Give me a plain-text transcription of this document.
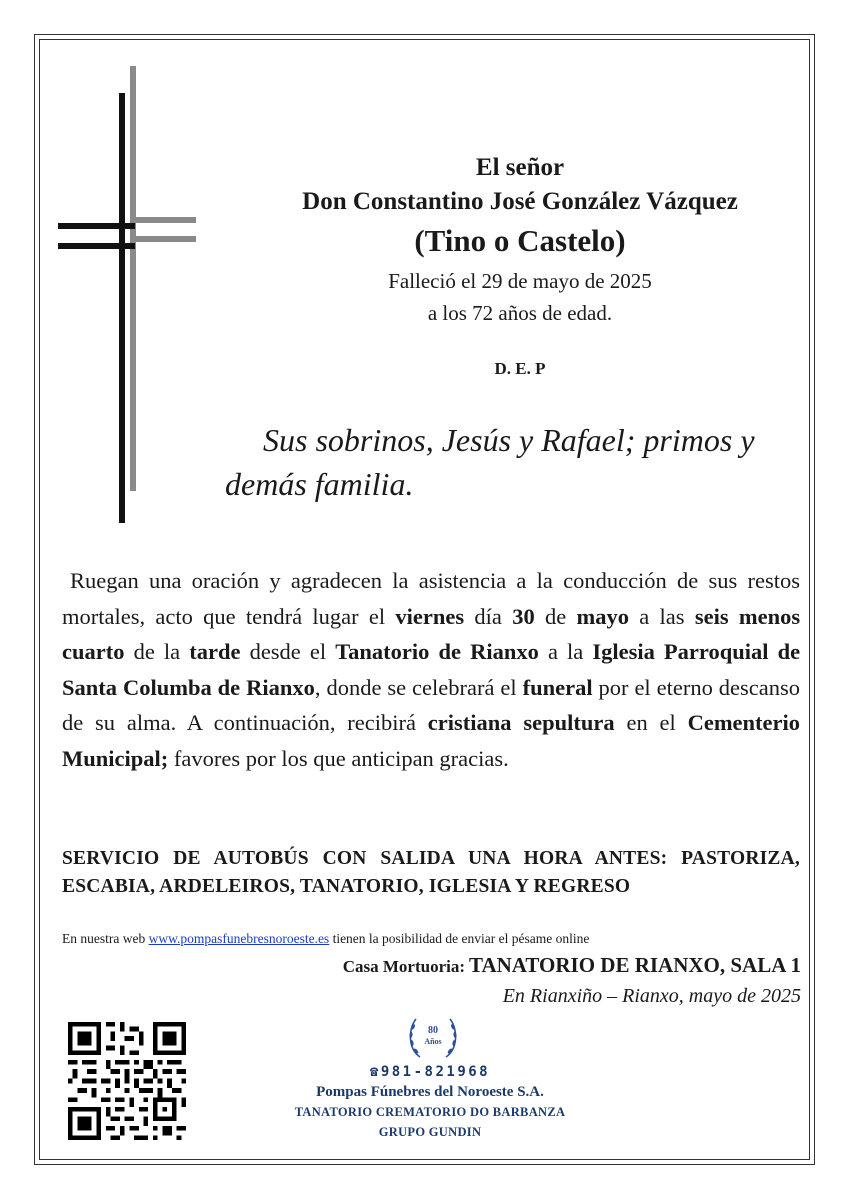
El señor
Don Constantino José González Vázquez
(Tino o Castelo)
Falleció el 29 de mayo de 2025
a los 72 años de edad.
D. E. P
Sus sobrinos, Jesús y Rafael; primos y demás familia.
Ruegan una oración y agradecen la asistencia a la conducción de sus restos mortales, acto que tendrá lugar el viernes día 30 de mayo a las seis menos cuarto de la tarde desde el Tanatorio de Rianxo a la Iglesia Parroquial de Santa Columba de Rianxo, donde se celebrará el funeral por el eterno descanso de su alma. A continuación, recibirá cristiana sepultura en el Cementerio Municipal; favores por los que anticipan gracias.
SERVICIO DE AUTOBÚS CON SALIDA UNA HORA ANTES: PASTORIZA, ESCABIA, ARDELEIROS, TANATORIO, IGLESIA Y REGRESO
En nuestra web www.pompasfunebresnoroeste.es tienen la posibilidad de enviar el pésame online
Casa Mortuoria: TANATORIO DE RIANXO, SALA 1
En Rianxiño – Rianxo, mayo de 2025
80
Años
☎981-821968
Pompas Fúnebres del Noroeste S.A.
TANATORIO CREMATORIO DO BARBANZA
GRUPO GUNDIN
